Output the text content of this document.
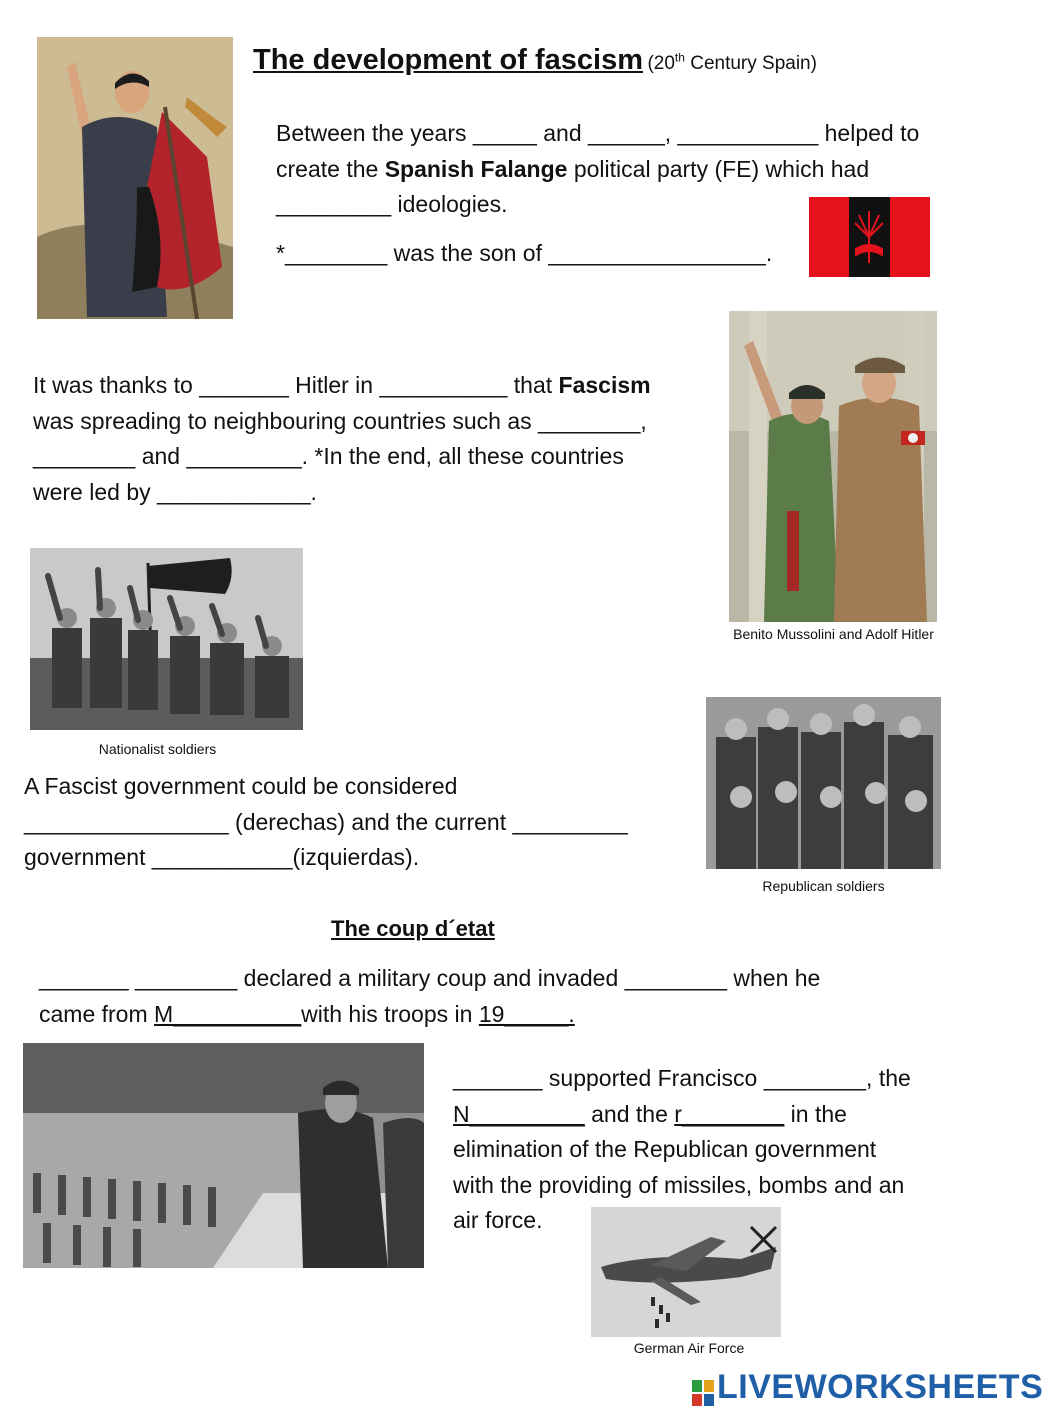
The development of fascism (20th Century Spain)
Between the years _____ and ______, ___________ helped to
create the Spanish Falange political party (FE) which had
_________ ideologies.
*________ was the son of _________________.
Benito Mussolini and Adolf Hitler
It was thanks to _______ Hitler in __________ that Fascism
was spreading to neighbouring countries such as ________,
________ and _________. *In the end, all these countries
were led by ____________.
Nationalist soldiers
Republican soldiers
A Fascist government could be considered
________________ (derechas) and the current _________
government ___________(izquierdas).
The coup d´etat
_______ ________ declared a military coup and invaded ________ when he
came from M__________with his troops in 19_____.
_______ supported Francisco ________, the
N_________ and the r________ in the
elimination of the Republican government
with the providing of missiles, bombs and an
air force.
German Air Force
LIVEWORKSHEETS
